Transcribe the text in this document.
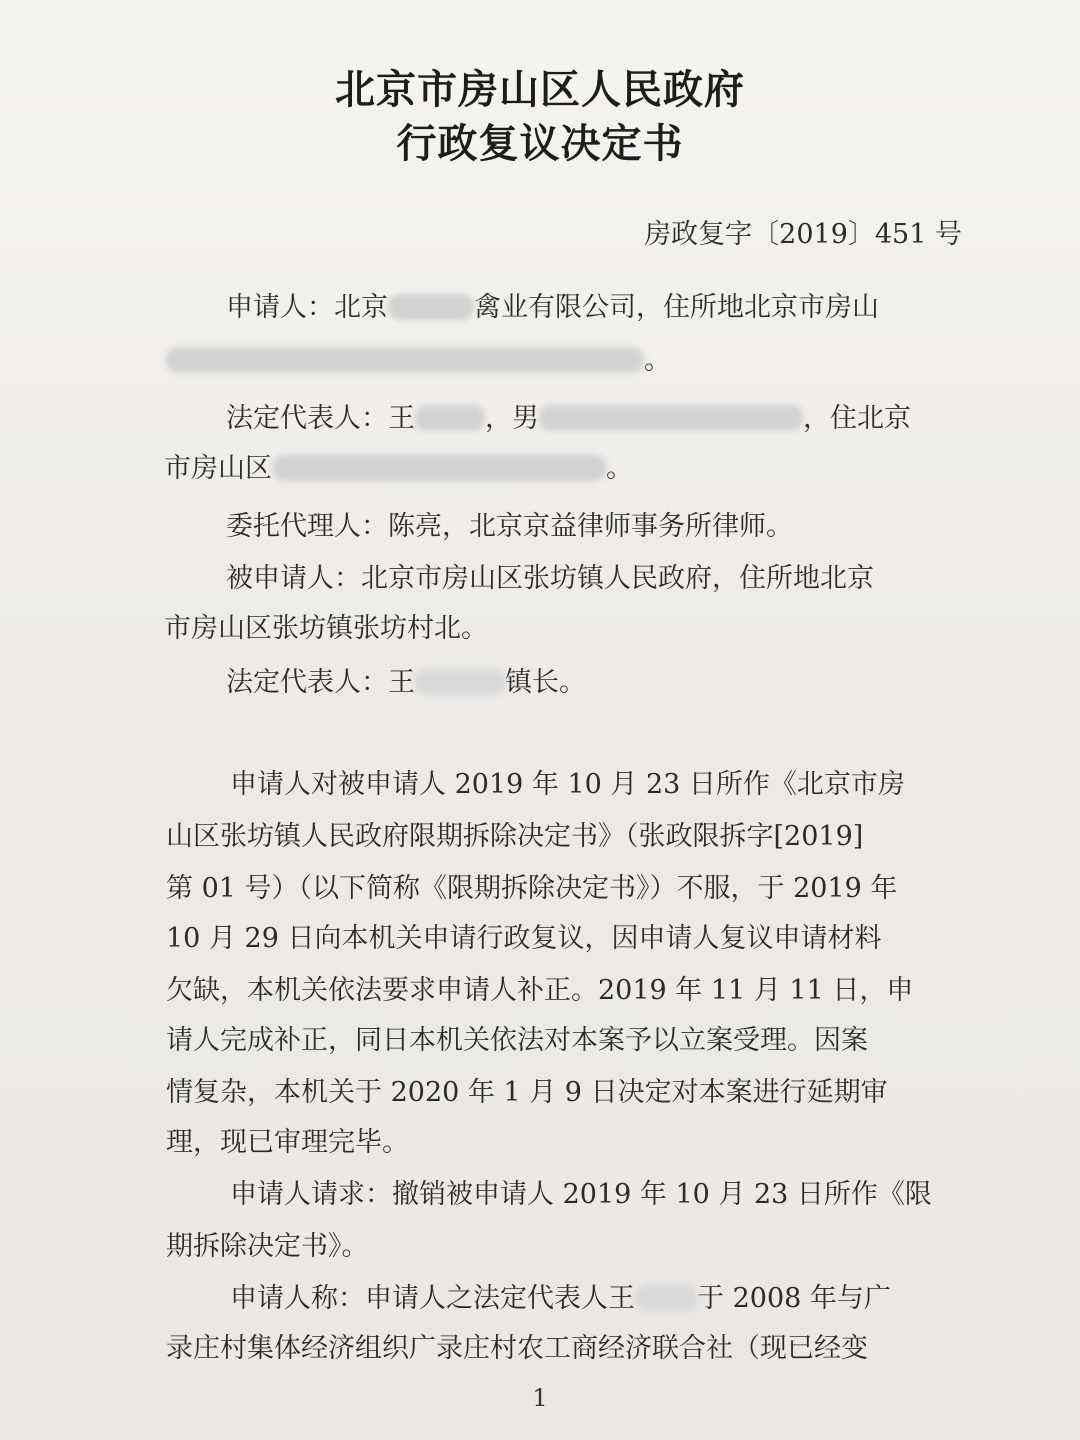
北京市房山区人民政府
行政复议决定书
房政复字〔2019〕451 号
申请人：北京	禽业有限公司，住所地北京市房山
。
法定代表人：王	，男	，住北京
市房山区	。
委托代理人：陈亮，北京京益律师事务所律师。
被申请人：北京市房山区张坊镇人民政府，住所地北京
市房山区张坊镇张坊村北。
法定代表人：王	镇长。
申请人对被申请人 2019 年 10 月 23 日所作《北京市房
山区张坊镇人民政府限期拆除决定书》（张政限拆字[2019]
第 01 号）（以下简称《限期拆除决定书》）不服，于 2019 年
10 月 29 日向本机关申请行政复议，因申请人复议申请材料
欠缺，本机关依法要求申请人补正。2019 年 11 月 11 日，申
请人完成补正，同日本机关依法对本案予以立案受理。因案
情复杂，本机关于 2020 年 1 月 9 日决定对本案进行延期审
理，现已审理完毕。
申请人请求：撤销被申请人 2019 年 10 月 23 日所作《限
期拆除决定书》。
申请人称：申请人之法定代表人王 于 2008 年与广
录庄村集体经济组织广录庄村农工商经济联合社（现已经变
1
